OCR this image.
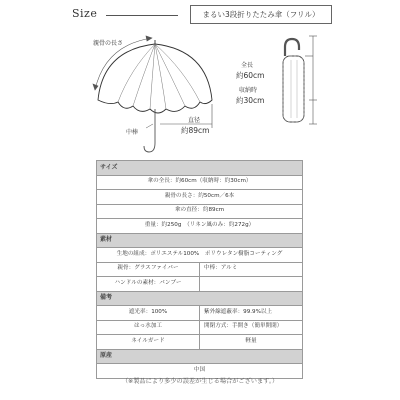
Size	まるい3段折りたたみ傘（フリル）
親骨の長さ
中棒
直径
約89cm
全長
約60cm
収納時
約30cm
サイズ	
傘の全長：約60cm（収納時：約30cm）	
親骨の長さ：約50cm／6本	
傘の直径：約89cm	
重量：約250g　（リネン風のみ：約272g）	
素材	
生地の組成：ポリエステル100%　ポリウレタン樹脂コーティング	
親骨：グラスファイバー	中棒：アルミ
ハンドルの素材：バンブー	
備考	
遮光率：100%	紫外線遮蔽率：99.9%以上
はっ水加工	開閉方式：手開き（簡単開閉）
ネイルガード	軽量
原産	
中国	
（※製品により多少の誤差が生じる場合がございます。）
